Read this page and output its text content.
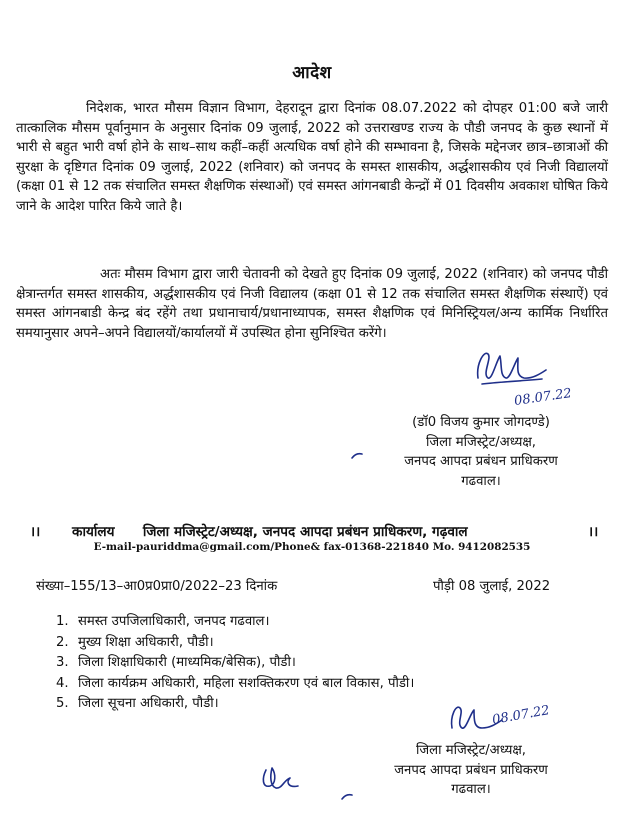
आदेश

निदेशक, भारत मौसम विज्ञान विभाग, देहरादून द्वारा दिनांक 08.07.2022 को दोपहर 01:00 बजे जारी तात्कालिक मौसम पूर्वानुमान के अनुसार दिनांक 09 जुलाई, 2022 को उत्तराखण्ड राज्य के पौडी जनपद के कुछ स्थानों में भारी से बहुत भारी वर्षा होने के साथ–साथ कहीं–कहीं अत्यधिक वर्षा होने की सम्भावना है, जिसके मद्देनजर छात्र–छात्राओं की सुरक्षा के दृष्टिगत दिनांक 09 जुलाई, 2022 (शनिवार) को जनपद के समस्त शासकीय, अर्द्धशासकीय एवं निजी विद्यालयों (कक्षा 01 से 12 तक संचालित समस्त शैक्षणिक संस्थाओं) एवं समस्त आंगनबाडी केन्द्रों में 01 दिवसीय अवकाश घोषित किये जाने के आदेश पारित किये जाते है।

अतः मौसम विभाग द्वारा जारी चेतावनी को देखते हुए दिनांक 09 जुलाई, 2022 (शनिवार) को जनपद पौडी क्षेत्रान्तर्गत समस्त शासकीय, अर्द्धशासकीय एवं निजी विद्यालय (कक्षा 01 से 12 तक संचालित समस्त शैक्षणिक संस्थाऐं) एवं समस्त आंगनबाडी केन्द्र बंद रहेंगे तथा प्रधानाचार्य/प्रधानाध्यापक, समस्त शैक्षणिक एवं मिनिस्ट्रियल/अन्य कार्मिक निर्धारित समयानुसार अपने–अपने विद्यालयों/कार्यालयों में उपस्थित होना सुनिश्चित करेंगे।

08.07.22
(डॉ0 विजय कुमार जोगदण्डे)
जिला मजिस्ट्रेट/अध्यक्ष,
जनपद आपदा प्रबंधन प्राधिकरण
गढवाल।
।। कार्यालय      जिला मजिस्ट्रेट/अध्यक्ष, जनपद आपदा प्रबंधन प्राधिकरण, गढ़वाल	।।
E-mail-pauriddma@gmail.com/Phone& fax-01368-221840 Mo. 9412082535
संख्या–155/13–आ0प्र0प्रा0/2022–23 दिनांक	पौड़ी 08 जुलाई, 2022
1. समस्त उपजिलाधिकारी, जनपद गढवाल।
2. मुख्य शिक्षा अधिकारी, पौडी।
3. जिला शिक्षाधिकारी (माध्यमिक/बेसिक), पौडी।
4. जिला कार्यक्रम अधिकारी, महिला सशक्तिकरण एवं बाल विकास, पौडी।
5. जिला सूचना अधिकारी, पौडी।	08.07.22
जिला मजिस्ट्रेट/अध्यक्ष,
जनपद आपदा प्रबंधन प्राधिकरण
गढवाल।
